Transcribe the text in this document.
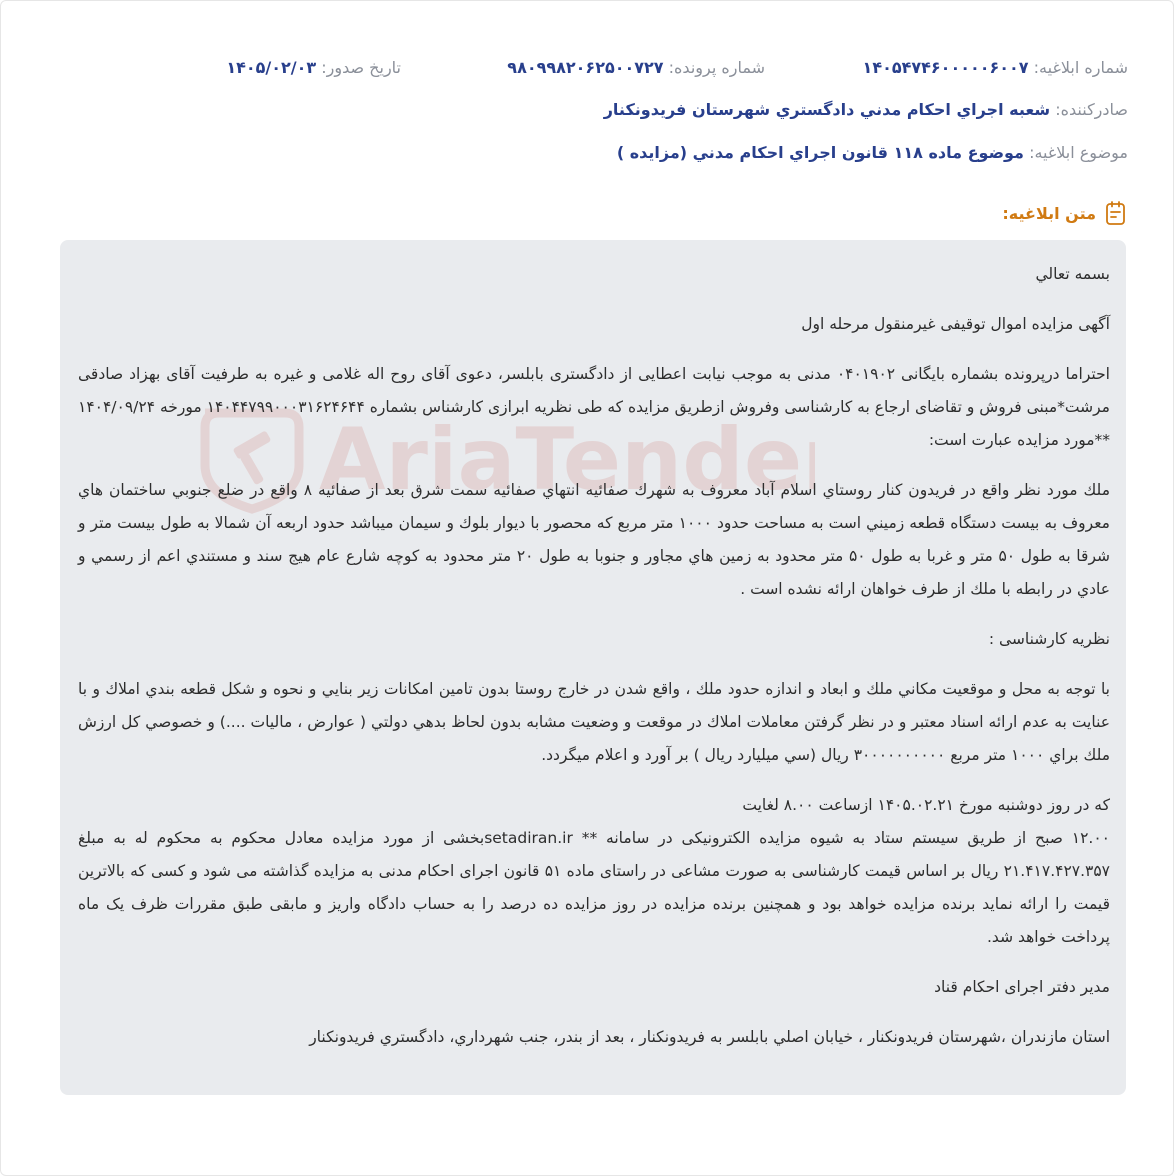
شماره ابلاغیه: ۱۴۰۵۴۷۴۶۰۰۰۰۰۶۰۰۷
شماره پرونده: ۹۸۰۹۹۸۲۰۶۲۵۰۰۷۲۷
تاریخ صدور: ۱۴۰۵/۰۲/۰۳
صادرکننده: شعبه اجراي احكام مدني دادگستري شهرستان فريدونكنار
موضوع ابلاغیه: موضوع ماده ۱۱۸ قانون اجراي احكام مدني (مزايده )
متن ابلاغیه:

بسمه تعالي

آگهی مزایده اموال توقیفی غیرمنقول مرحله اول

احتراما درپرونده بشماره بایگانی ۰۴۰۱۹۰۲ مدنی به موجب نیابت اعطایی از دادگستری بابلسر، دعوی آقای روح اله غلامی و غیره به طرفیت آقای بهزاد صادقی مرشت*مبنی فروش و تقاضای ارجاع به کارشناسی وفروش ازطریق مزایده که طی نظریه ابرازی کارشناس بشماره ۱۴۰۴۴۷۹۹۰۰۰۳۱۶۲۴۶۴۴ مورخه ۱۴۰۴/۰۹/۲۴ **مورد مزایده عبارت است:

ملك مورد نظر واقع در فريدون كنار روستاي اسلام آباد معروف به شهرك صفائيه انتهاي صفائيه سمت شرق بعد از صفائيه ۸ واقع در ضلع جنوبي ساختمان هاي معروف به بيست دستگاه قطعه زميني است به مساحت حدود ۱۰۰۰ متر مربع كه محصور با ديوار بلوك و سيمان ميباشد حدود اربعه آن شمالا به طول بيست متر و شرقا به طول ۵۰ متر و غربا به طول ۵۰ متر محدود به زمين هاي مجاور و جنوبا به طول ۲۰ متر محدود به كوچه شارع عام هيج سند و مستندي اعم از رسمي و عادي در رابطه با ملك از طرف خواهان ارائه نشده است .

نظریه کارشناسی :

با توجه به محل و موقعيت مكاني ملك و ابعاد و اندازه حدود ملك ، واقع شدن در خارج روستا بدون تامين امكانات زير بنايي و نحوه و شكل قطعه بندي املاك و با عنايت به عدم ارائه اسناد معتبر و در نظر گرفتن معاملات املاك در موقعت و وضعيت مشابه بدون لحاظ بدهي دولتي ( عوارض ، ماليات ....) و خصوصي كل ارزش ملك براي ۱۰۰۰ متر مربع ۳۰۰۰۰۰۰۰۰۰۰ ريال (سي ميليارد ريال ) بر آورد و اعلام ميگردد.

که در روز دوشنبه مورخ ۱۴۰۵.۰۲.۲۱ ازساعت ۸.۰۰ لغایت

۱۲.۰۰ صبح از طریق سیستم ستاد به شیوه مزایده الکترونیکی در سامانه ** setadiran.irبخشی از مورد مزایده معادل محکوم به محکوم له به مبلغ ۲۱.۴۱۷.۴۲۷.۳۵۷ ریال بر اساس قیمت کارشناسی به صورت مشاعی در راستای ماده ۵۱ قانون اجرای احکام مدنی به مزایده گذاشته می شود و کسی که بالاترین قیمت را ارائه نماید برنده مزایده خواهد بود و همچنین برنده مزایده در روز مزایده ده درصد را به حساب دادگاه واریز و مابقی طبق مقررات ظرف یک ماه پرداخت خواهد شد.

مدیر دفتر اجرای احکام قناد

استان مازندران ،شهرستان فريدونكنار ، خيابان اصلي بابلسر به فريدونكنار ، بعد از بندر، جنب شهرداري، دادگستري فريدونكنار
